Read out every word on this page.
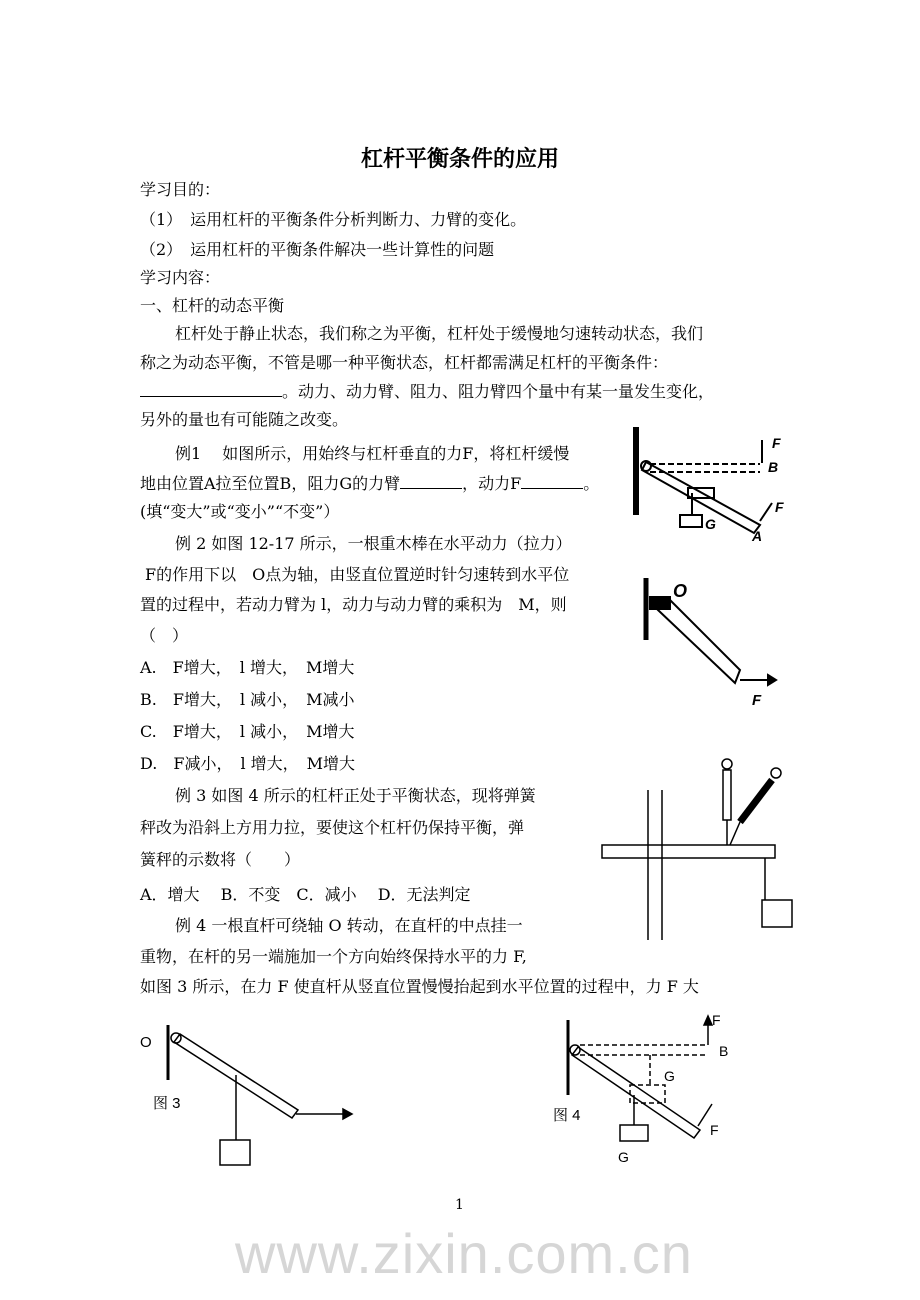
杠杆平衡条件的应用
学习目的：
（1）　运用杠杆的平衡条件分析判断力、力臂的变化。
（2）　运用杠杆的平衡条件解决一些计算性的问题
学习内容：
一、杠杆的动态平衡
杠杆处于静止状态，我们称之为平衡，杠杆处于缓慢地匀速转动状态，我们
称之为动态平衡，不管是哪一种平衡状态，杠杆都需满足杠杆的平衡条件：
。动力、动力臂、阻力、阻力臂四个量中有某一量发生变化，
另外的量也有可能随之改变。
例1　 如图所示，用始终与杠杆垂直的力F，将杠杆缓慢
地由位置A拉至位置B，阻力G的力臂	，动力F	。
(填“变大”或“变小”“不变”）
例 2 如图 12-17 所示，一根重木棒在水平动力（拉力）
F的作用下以　O点为轴，由竖直位置逆时针匀速转到水平位
置的过程中，若动力臂为 l，动力与动力臂的乘积为　M，则
（　）
A.　F增大，　l 增大，　M增大
B.　F增大，　l 减小，　M减小
C.　F增大，　l 减小，　M增大
D.　F减小，　l 增大，　M增大
例 3 如图 4 所示的杠杆正处于平衡状态，现将弹簧
秤改为沿斜上方用力拉，要使这个杠杆仍保持平衡，弹
簧秤的示数将（　　）
A．增大　 B．不变　C．减小　 D．无法判定
例 4 一根直杆可绕轴 O 转动，在直杆的中点挂一
重物，在杆的另一端施加一个方向始终保持水平的力 F,
如图 3 所示，在力 F 使直杆从竖直位置慢慢抬起到水平位置的过程中，力 F 大
F
B
F
G
A
O
F
O
图 3
F
B
G
F
G
图 4
1
www.zixin.com.cn
